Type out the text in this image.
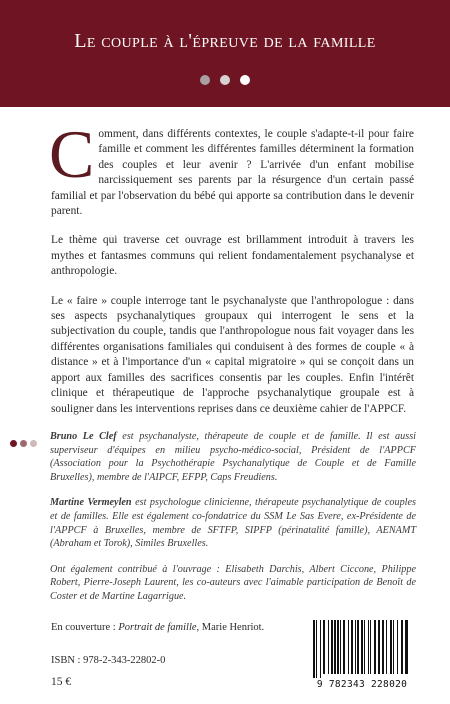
Le couple à l'épreuve de la famille

Comment, dans différents contextes, le couple s'adapte-t-il pour faire famille et comment les différentes familles déterminent la formation des couples et leur avenir ? L'arrivée d'un enfant mobilise narcissiquement ses parents par la résurgence d'un certain passé familial et par l'observation du bébé qui apporte sa contribution dans le devenir parent.

Le thème qui traverse cet ouvrage est brillamment introduit à travers les mythes et fantasmes communs qui relient fondamentalement psychanalyse et anthropologie.

Le « faire » couple interroge tant le psychanalyste que l'anthropologue : dans ses aspects psychanalytiques groupaux qui interrogent le sens et la subjectivation du couple, tandis que l'anthropologue nous fait voyager dans les différentes organisations familiales qui conduisent à des formes de couple « à distance » et à l'importance d'un « capital migratoire » qui se conçoit dans un apport aux familles des sacrifices consentis par les couples. Enfin l'intérêt clinique et thérapeutique de l'approche psychanalytique groupale est à souligner dans les interventions reprises dans ce deuxième cahier de l'APPCF.

Bruno Le Clef est psychanalyste, thérapeute de couple et de famille. Il est aussi superviseur d'équipes en milieu psycho-médico-social, Président de l'APPCF (Association pour la Psychothérapie Psychanalytique de Couple et de Famille Bruxelles), membre de l'AIPCF, EFPP, Caps Freudiens.

Martine Vermeylen est psychologue clinicienne, thérapeute psychanalytique de couples et de familles. Elle est également co-fondatrice du SSM Le Sas Evere, ex-Présidente de l'APPCF à Bruxelles, membre de SFTFP, SIPFP (périnatalité famille), AENAMT (Abraham et Torok), Similes Bruxelles.

Ont également contribué à l'ouvrage : Elisabeth Darchis, Albert Ciccone, Philippe Robert, Pierre-Joseph Laurent, les co-auteurs avec l'aimable participation de Benoît de Coster et de Martine Lagarrigue.

En couverture : Portrait de famille, Marie Henriot.
ISBN : 978-2-343-22802-0
15 €	9 782343 228020
